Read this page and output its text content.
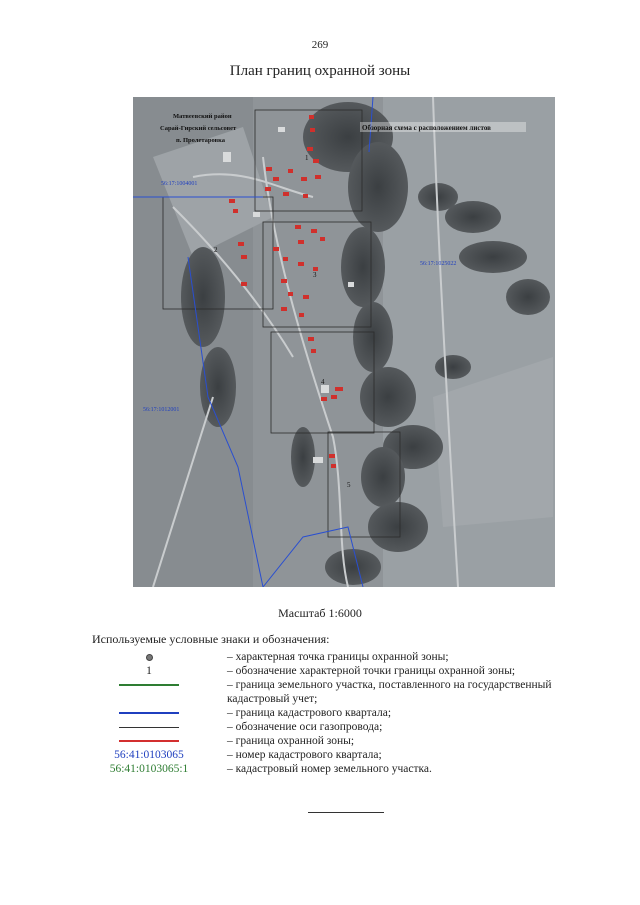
269
План границ охранной зоны
1
2
3
4
5
Матвеевский район
Сарай-Гирский сельсовет
п. Пролетаровка
Обзорная схема с расположением листов
56:17:1004001
56:17:1025022
56:17:1012001
Масштаб 1:6000
Используемые условные знаки и обозначения:
– характерная точка границы охранной зоны;
1	– обозначение характерной точки границы охранной зоны;
– граница земельного участка, поставленного на государственный кадастровый учет;
– граница кадастрового квартала;
– обозначение оси газопровода;
– граница охранной зоны;
56:41:0103065	– номер кадастрового квартала;
56:41:0103065:1	– кадастровый номер земельного участка.
